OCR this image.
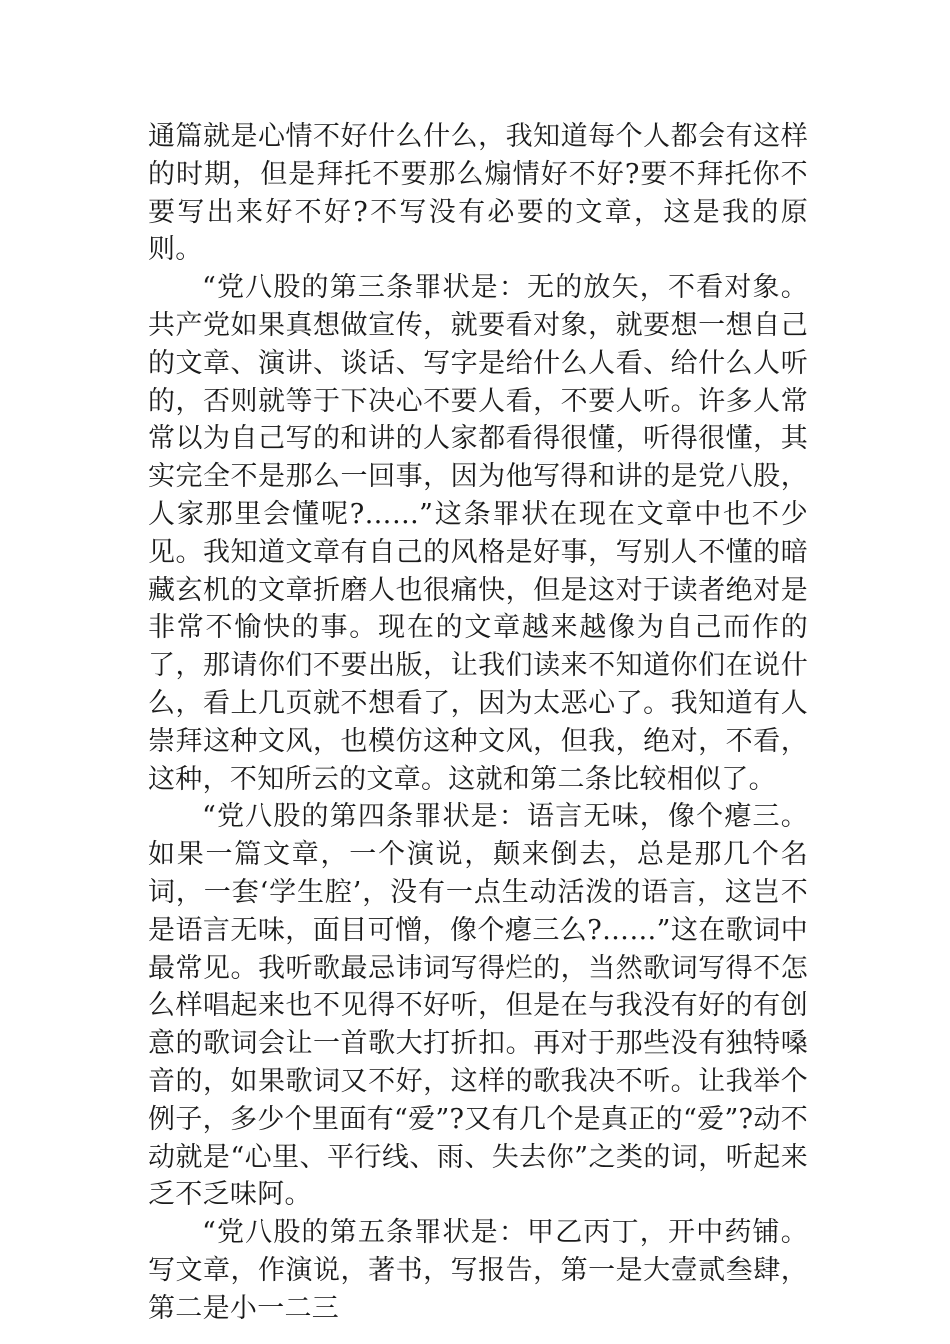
通篇就是心情不好什么什么，我知道每个人都会有这样的时期，但是拜托不要那么煽情好不好?要不拜托你不要写出来好不好?不写没有必要的文章，这是我的原则。

“党八股的第三条罪状是：无的放矢，不看对象。共产党如果真想做宣传，就要看对象，就要想一想自己的文章、演讲、谈话、写字是给什么人看、给什么人听的，否则就等于下决心不要人看，不要人听。许多人常常以为自己写的和讲的人家都看得很懂，听得很懂，其实完全不是那么一回事，因为他写得和讲的是党八股，人家那里会懂呢?……”这条罪状在现在文章中也不少见。我知道文章有自己的风格是好事，写别人不懂的暗藏玄机的文章折磨人也很痛快，但是这对于读者绝对是非常不愉快的事。现在的文章越来越像为自己而作的了，那请你们不要出版，让我们读来不知道你们在说什么，看上几页就不想看了，因为太恶心了。我知道有人崇拜这种文风，也模仿这种文风，但我，绝对，不看，这种，不知所云的文章。这就和第二条比较相似了。

“党八股的第四条罪状是：语言无味，像个瘪三。如果一篇文章，一个演说，颠来倒去，总是那几个名词，一套‘学生腔’，没有一点生动活泼的语言，这岂不是语言无味，面目可憎，像个瘪三么?……”这在歌词中最常见。我听歌最忌讳词写得烂的，当然歌词写得不怎么样唱起来也不见得不好听，但是在与我没有好的有创意的歌词会让一首歌大打折扣。再对于那些没有独特嗓音的，如果歌词又不好，这样的歌我决不听。让我举个例子，多少个里面有“爱”?又有几个是真正的“爱”?动不动就是“心里、平行线、雨、失去你”之类的词，听起来乏不乏味阿。

“党八股的第五条罪状是：甲乙丙丁，开中药铺。写文章，作演说，著书，写报告，第一是大壹贰叁肆，第二是小一二三
